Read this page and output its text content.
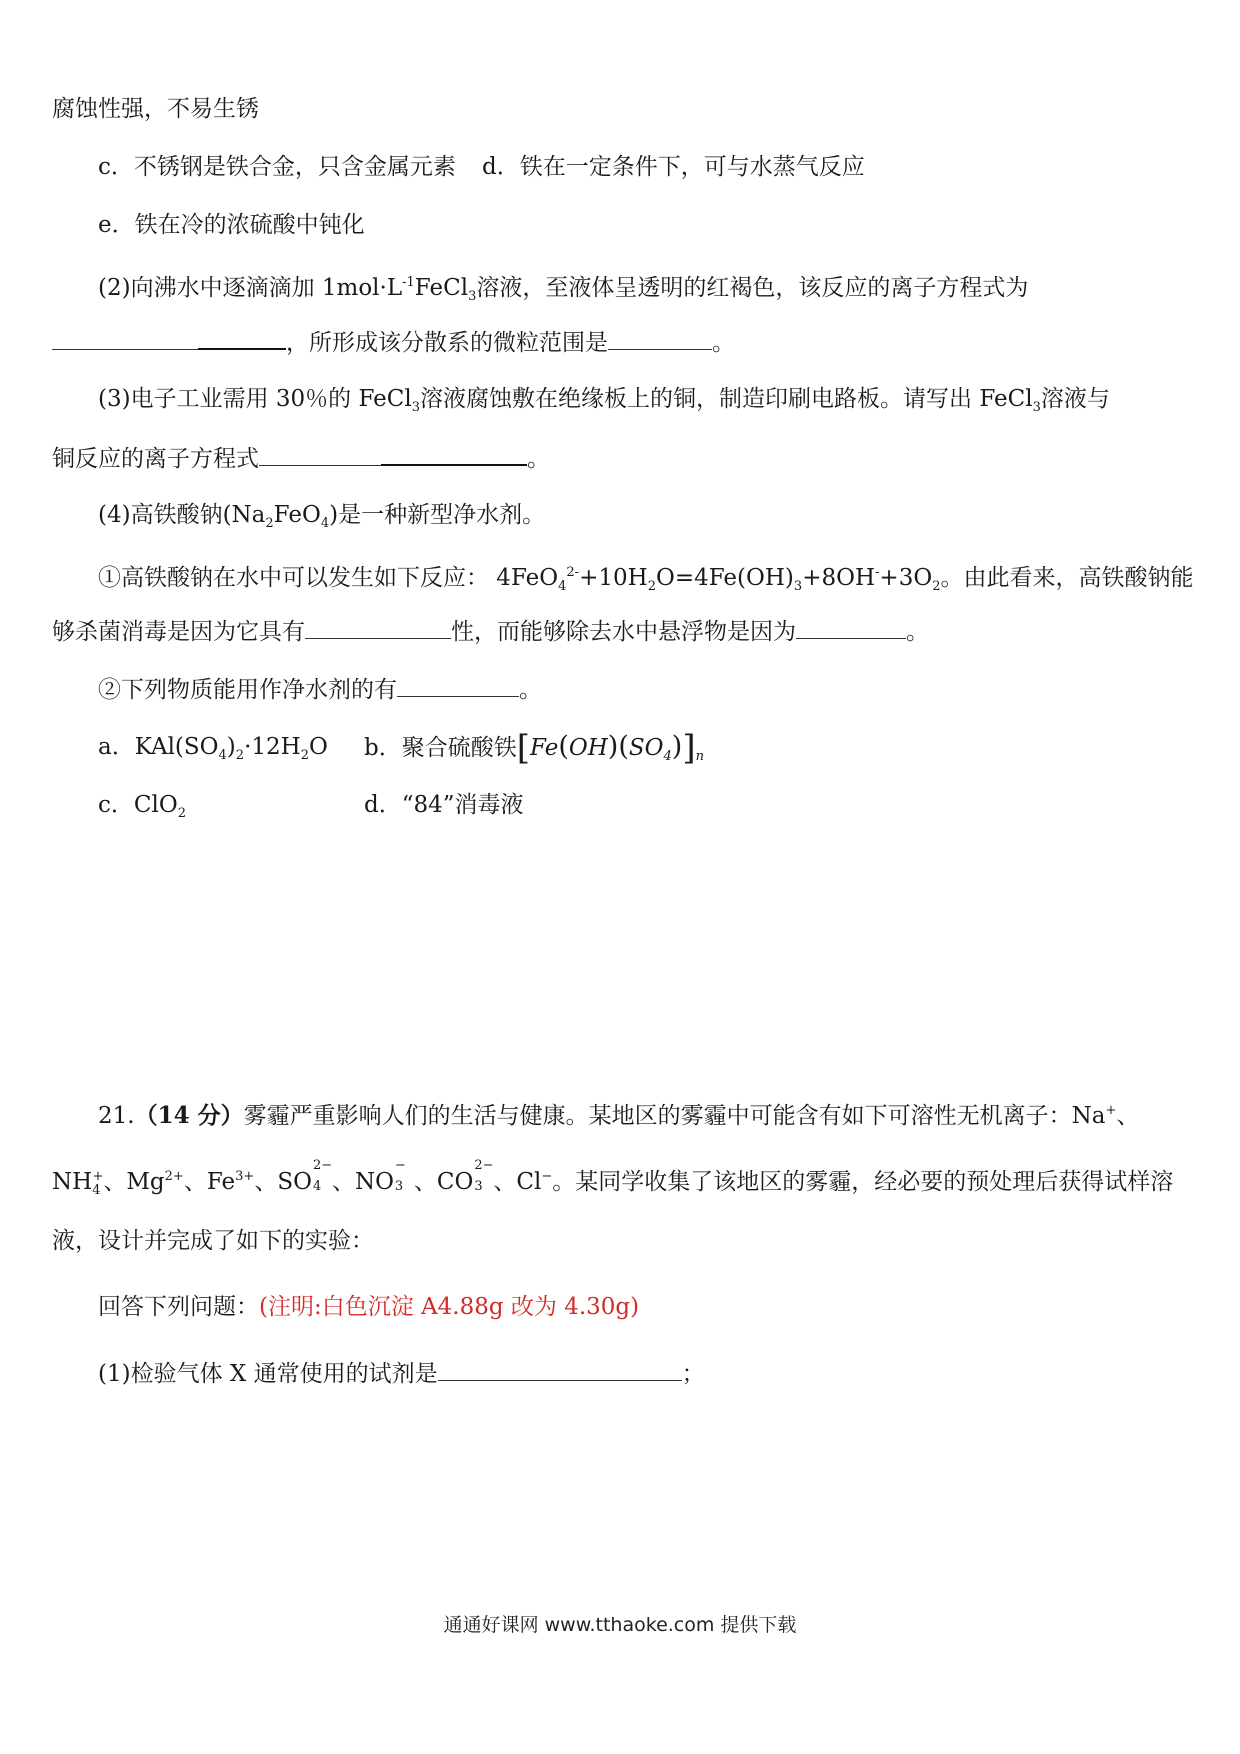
腐蚀性强，不易生锈
c．不锈钢是铁合金，只含金属元素 d．铁在一定条件下，可与水蒸气反应
e．铁在冷的浓硫酸中钝化
(2)向沸水中逐滴滴加 $1mol\cdot L^{-1}FeCl_3$溶液，至液体呈透明的红褐色，该反应的离子方程式为
，所形成该分散系的微粒范围是	。
(3)电子工业需用 30％的 FeCl$_3$溶液腐蚀敷在绝缘板上的铜，制造印刷电路板。请写出 FeCl$_3$溶液与
铜反应的离子方程式	。
(4)高铁酸钠$(Na_2FeO_4)$是一种新型净水剂。
①高铁酸钠在水中可以发生如下反应： $4FeO_4^{2-}+10H_2O=4Fe(OH)_3+8OH^-+3O_2$。由此看来，高铁酸钠能
够杀菌消毒是因为它具有	性，而能够除去水中悬浮物是因为	。
②下列物质能用作净水剂的有	。
a．$KAl(SO_4)_2\cdot 12H_2O$ b．聚合硫酸铁$[Fe(OH)(SO_4)]_n$
c．ClO$_2$	d．“84”消毒液
21.（14 分）雾霾严重影响人们的生活与健康。某地区的雾霾中可能含有如下可溶性无机离子：Na+、
$NH_4^+$、$Mg^{2+}$、$Fe^{3+}$、SO
2−
4 、NO
−
3 、CO
2−
3 、Cl−。某同学收集了该地区的雾霾，经必要的预处理后获得试样溶
液，设计并完成了如下的实验：
回答下列问题：(注明:白色沉淀 A4.88g 改为 4.30g)
(1)检验气体 X 通常使用的试剂是	；
通通好课网 www.tthaoke.com 提供下载
